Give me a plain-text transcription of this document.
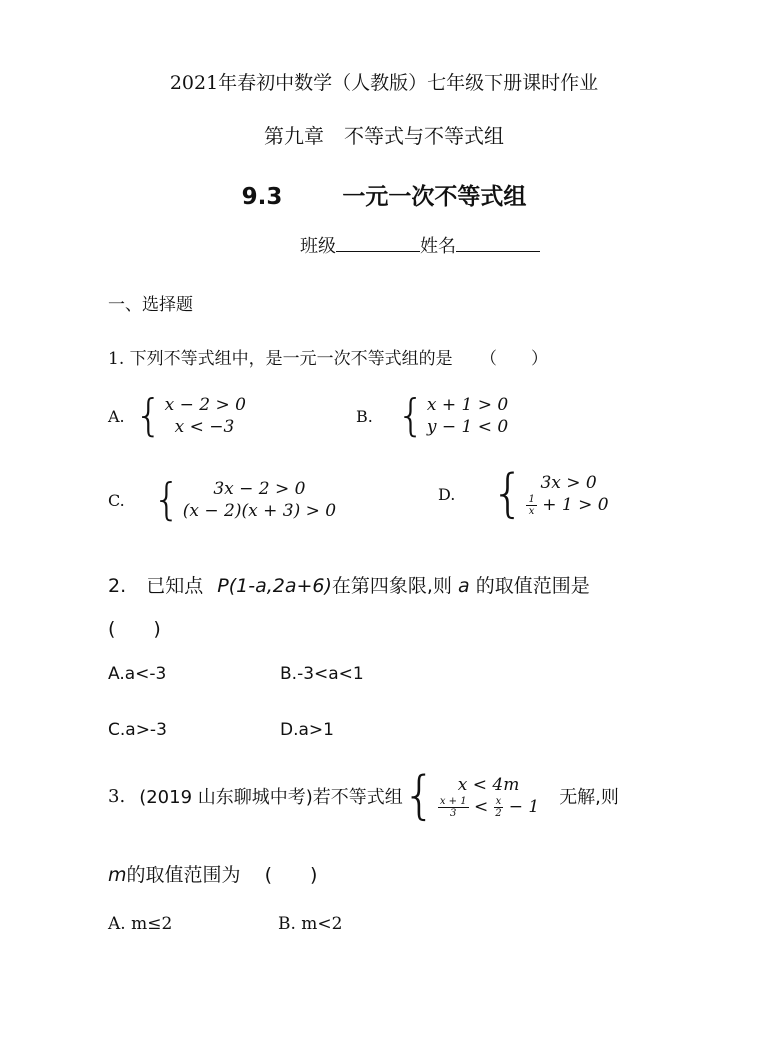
2021年春初中数学（人教版）七年级下册课时作业
第九章　不等式与不等式组
9.3	一元一次不等式组
班级	姓名
一、选择题
1. 下列不等式组中，是一元一次不等式组的是 （　　）
A. { x − 2 > 0
x < −3
B. { x + 1 > 0
y − 1 < 0
C. { 3x − 2 > 0
(x − 2)(x + 3) > 0
D. { 3x > 0
$\frac{1}{x} + 1 > 0$
2. 已知点 P(1-a,2a+6)在第四象限,则 a 的取值范围是
(　　)
A.a<-3	B.-3<a<1
C.a>-3	D.a>1
3. (2019 山东聊城中考)若不等式组 { x < 4m
$\frac{x + 1}{3} < \frac{x}{2} - 1$ 无解,则
m的取值范围为 (　　)
A. m≤2	B. m<2
